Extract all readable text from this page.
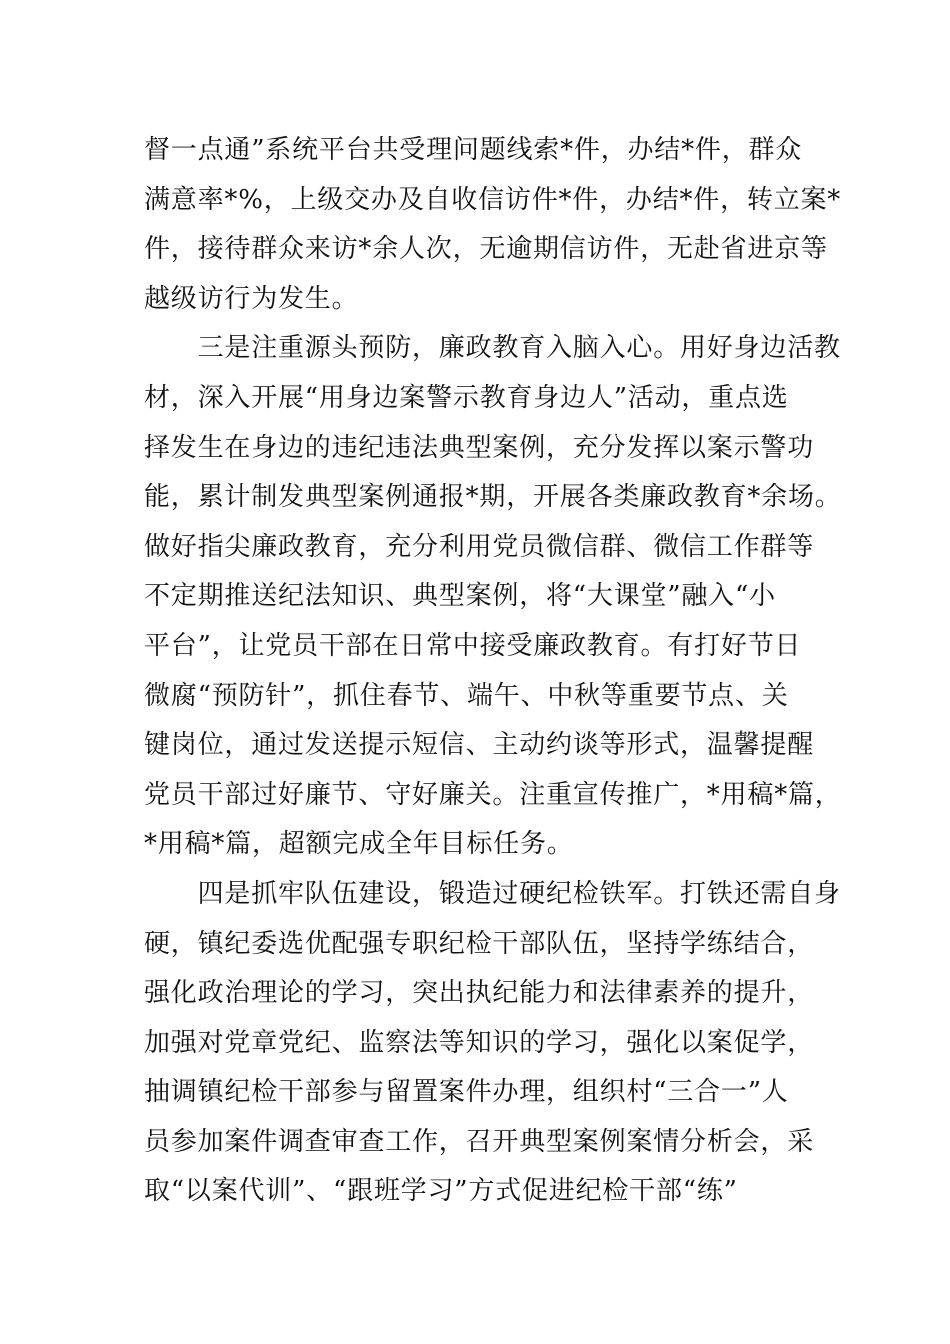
督一点通”系统平台共受理问题线索*件，办结*件，群众

满意率*%，上级交办及自收信访件*件，办结*件，转立案*

件，接待群众来访*余人次，无逾期信访件，无赴省进京等

越级访行为发生。

　　三是注重源头预防，廉政教育入脑入心。用好身边活教

材，深入开展“用身边案警示教育身边人”活动，重点选

择发生在身边的违纪违法典型案例，充分发挥以案示警功

能，累计制发典型案例通报*期，开展各类廉政教育*余场。

做好指尖廉政教育，充分利用党员微信群、微信工作群等

不定期推送纪法知识、典型案例，将“大课堂”融入“小

平台”，让党员干部在日常中接受廉政教育。有打好节日

微腐“预防针”，抓住春节、端午、中秋等重要节点、关

键岗位，通过发送提示短信、主动约谈等形式，温馨提醒

党员干部过好廉节、守好廉关。注重宣传推广，*用稿*篇，

*用稿*篇，超额完成全年目标任务。

　　四是抓牢队伍建设，锻造过硬纪检铁军。打铁还需自身

硬，镇纪委选优配强专职纪检干部队伍，坚持学练结合，

强化政治理论的学习，突出执纪能力和法律素养的提升，

加强对党章党纪、监察法等知识的学习，强化以案促学，

抽调镇纪检干部参与留置案件办理，组织村“三合一”人

员参加案件调查审查工作，召开典型案例案情分析会，采

取“以案代训”、“跟班学习”方式促进纪检干部“练”
